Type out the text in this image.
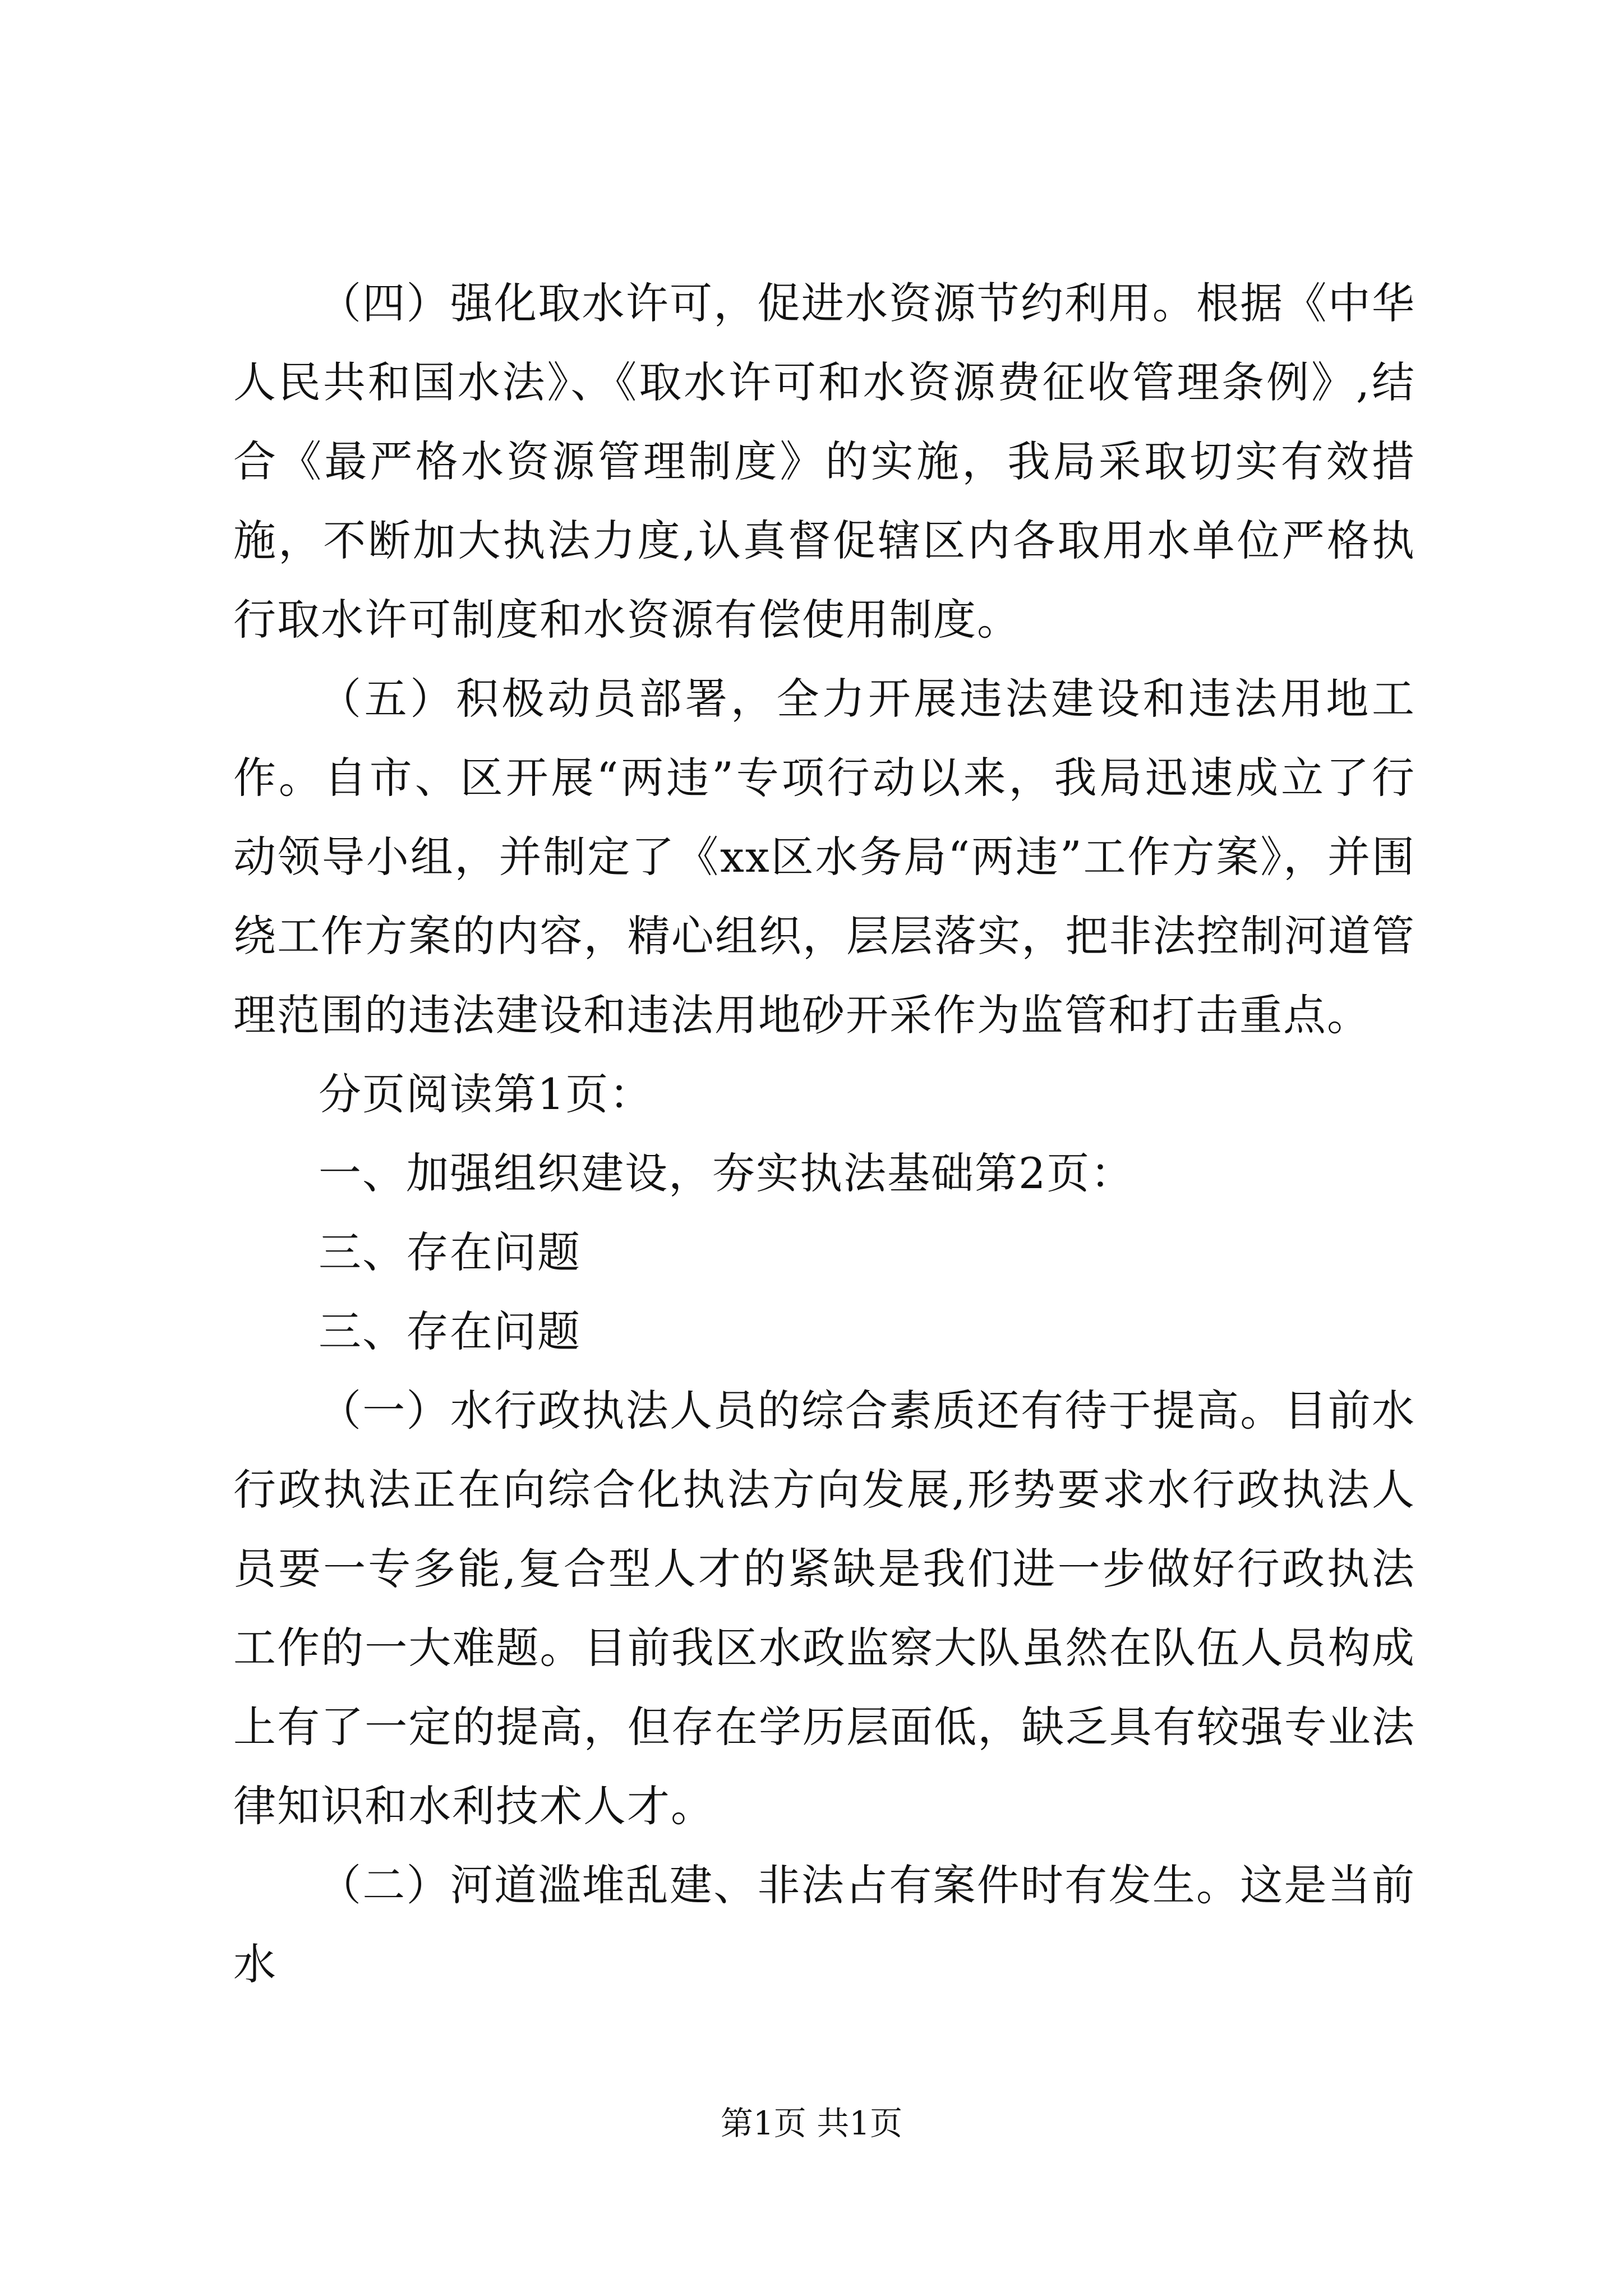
（四）强化取水许可，促进水资源节约利用。根据《中华人民共和国水法》、《取水许可和水资源费征收管理条例》,结合《最严格水资源管理制度》的实施，我局采取切实有效措施，不断加大执法力度,认真督促辖区内各取用水单位严格执行取水许可制度和水资源有偿使用制度。

（五）积极动员部署，全力开展违法建设和违法用地工作。自市、区开展“两违”专项行动以来，我局迅速成立了行动领导小组，并制定了《xx区水务局“两违”工作方案》，并围绕工作方案的内容，精心组织，层层落实，把非法控制河道管理范围的违法建设和违法用地砂开采作为监管和打击重点。

分页阅读第1页：

一、加强组织建设，夯实执法基础第2页：

三、存在问题

三、存在问题

（一）水行政执法人员的综合素质还有待于提高。目前水行政执法正在向综合化执法方向发展,形势要求水行政执法人员要一专多能,复合型人才的紧缺是我们进一步做好行政执法工作的一大难题。目前我区水政监察大队虽然在队伍人员构成上有了一定的提高，但存在学历层面低，缺乏具有较强专业法律知识和水利技术人才。

（二）河道滥堆乱建、非法占有案件时有发生。这是当前水

第1页 共1页
